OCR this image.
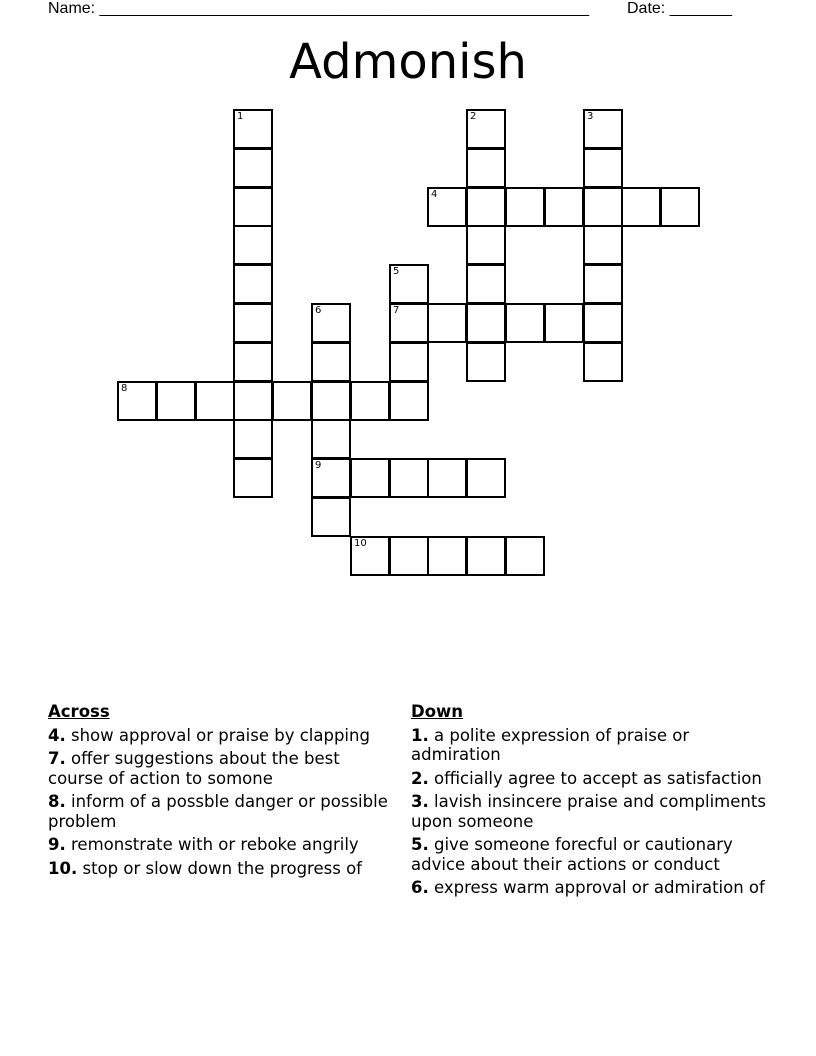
Name: _______________________________________________________ Date: _______
Admonish
1	2	3
4
5
7
6
9
8
10
Across
4. show approval or praise by clapping
7. offer suggestions about the best course of action to somone
8. inform of a possble danger or possible problem
9. remonstrate with or reboke angrily
10. stop or slow down the progress of
Down
1. a polite expression of praise or admiration
2. officially agree to accept as satisfaction
3. lavish insincere praise and compliments upon someone
5. give someone forecful or cautionary advice about their actions or conduct
6. express warm approval or admiration of
